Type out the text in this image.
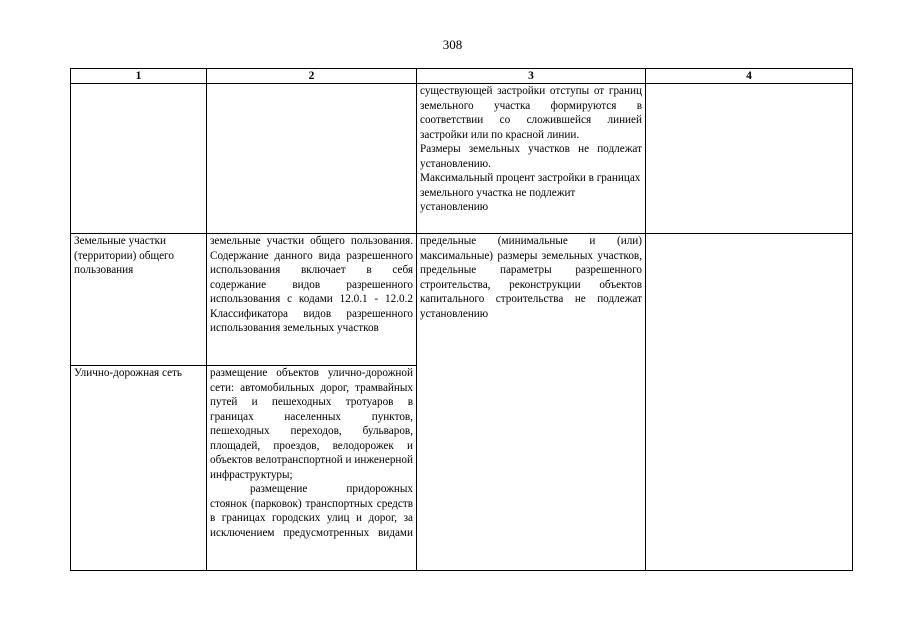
308
1	2	3	4

		существующей застройки отступы от границ земельного участка формируются в соответствии со сложившейся линией застройки или по красной линии.
Размеры земельных участков не подлежат установлению.
Максимальный процент застройки в границах земельного участка не подлежит установлению	

Земельные участки (территории) общего пользования	земельные участки общего пользования. Содержание данного вида разрешенного использования включает в себя содержание видов разрешенного использования с кодами 12.0.1 - 12.0.2 Классификатора видов разрешенного использования земельных участков	предельные (минимальные и (или) максимальные) размеры земельных участков, предельные параметры разрешенного строительства, реконструкции объектов капитального строительства не подлежат установлению	

Улично-дорожная сеть	размещение объектов улично-дорожной сети: автомобильных дорог, трамвайных путей и пешеходных тротуаров в границах населенных пунктов, пешеходных переходов, бульваров, площадей, проездов, велодорожек и объектов велотранспортной и инженерной инфраструктуры;
размещение придорожных стоянок (парковок) транспортных средств в границах городских улиц и дорог, за исключением предусмотренных видами		
